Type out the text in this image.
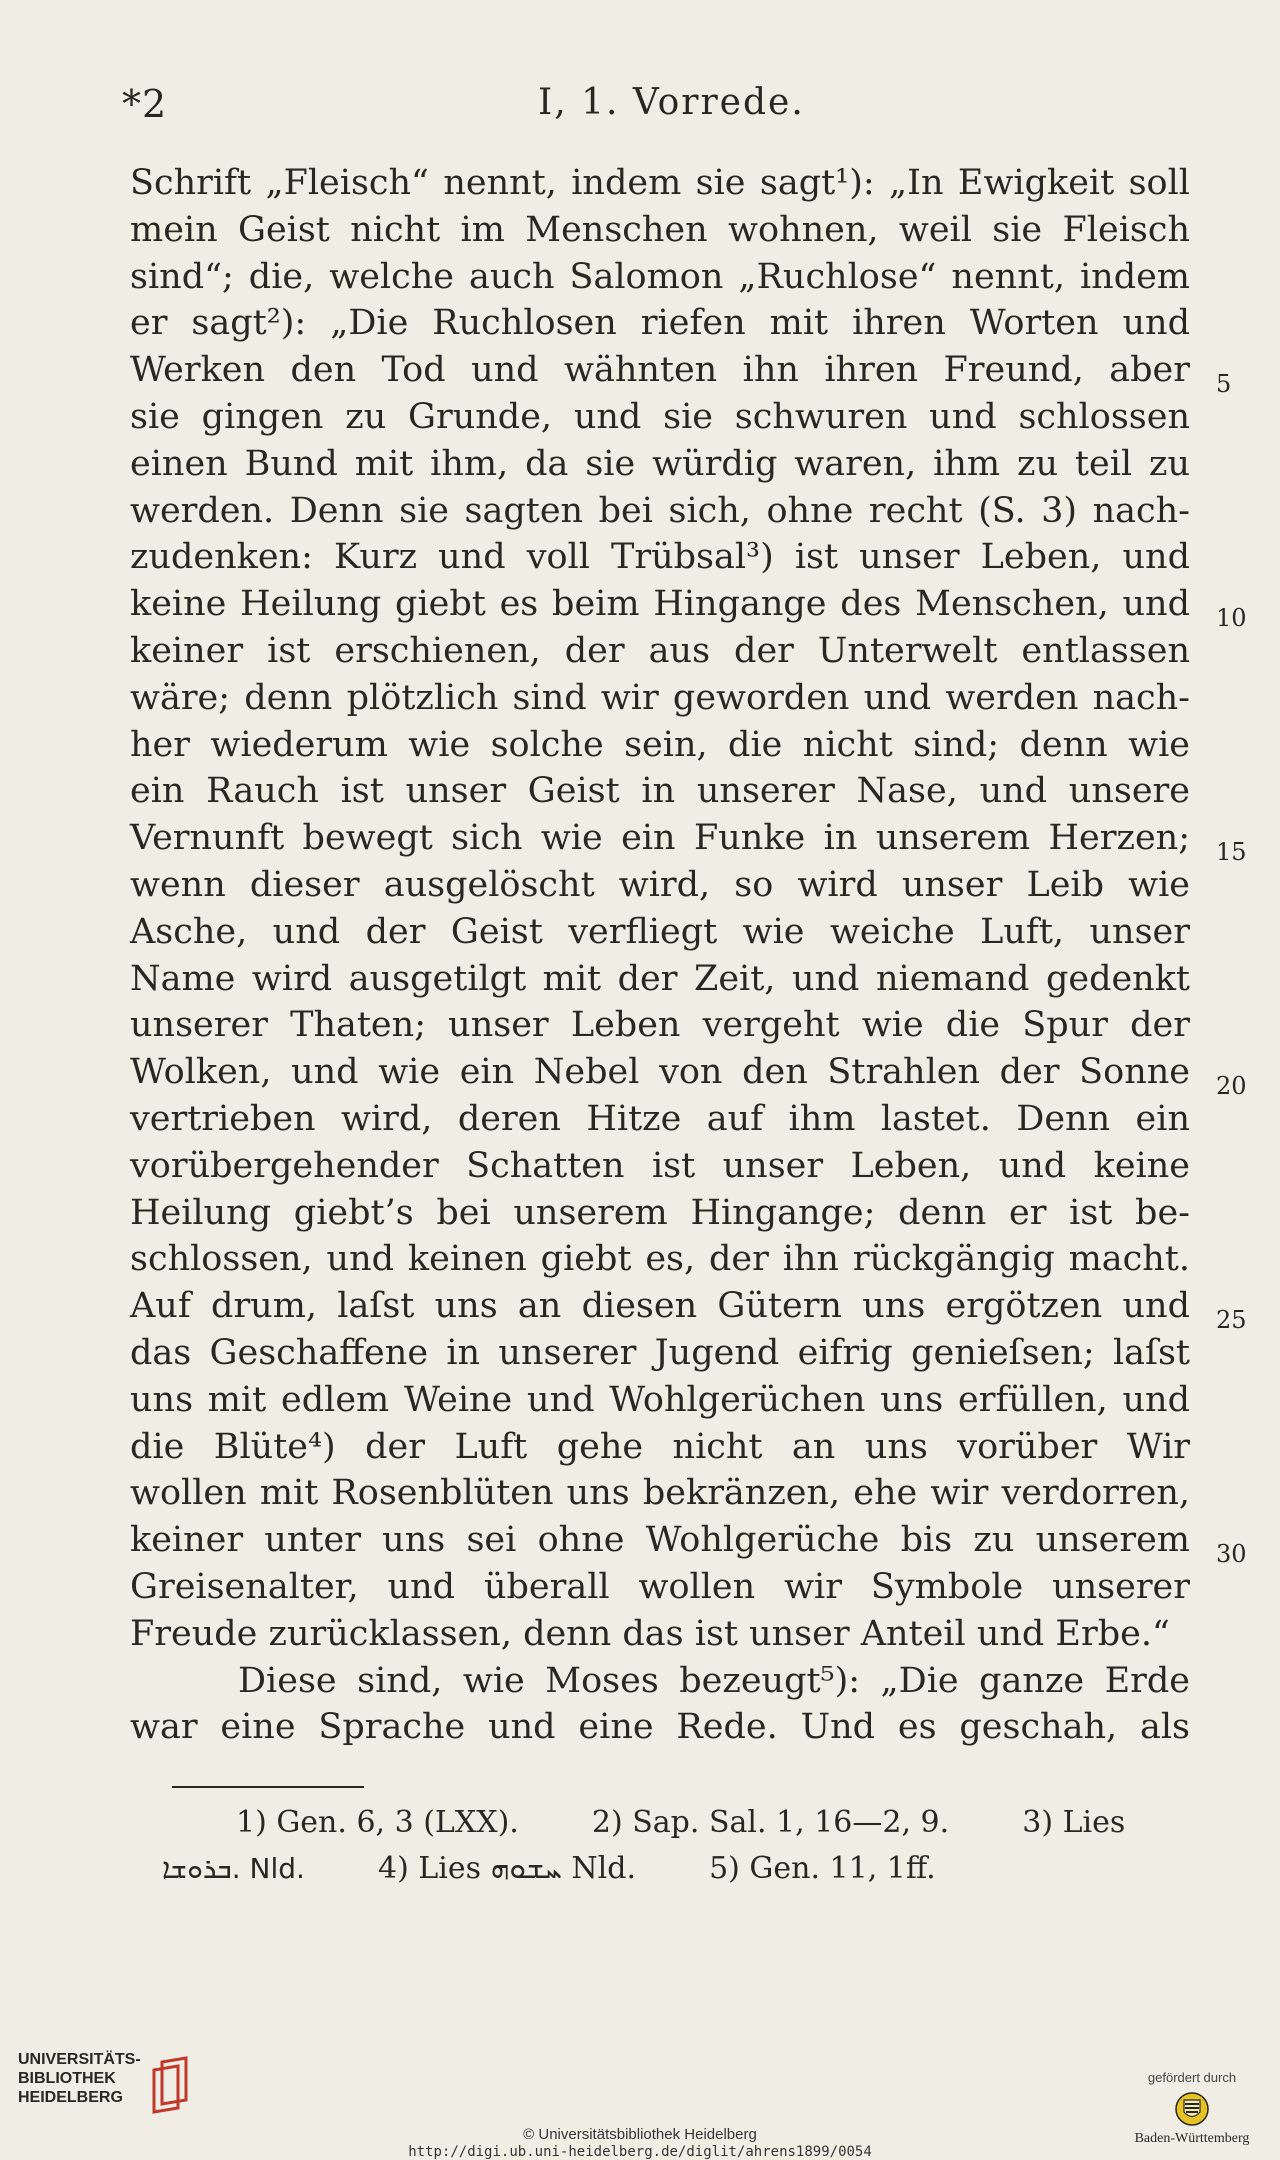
*2	I, 1. Vorrede.
Schrift „Fleisch“ nennt, indem sie sagt¹): „In Ewigkeit soll
mein Geist nicht im Menschen wohnen, weil sie Fleisch
sind“; die, welche auch Salomon „Ruchlose“ nennt, indem
er sagt²): „Die Ruchlosen riefen mit ihren Worten und
Werken den Tod und wähnten ihn ihren Freund, aber
sie gingen zu Grunde, und sie schwuren und schlossen
einen Bund mit ihm, da sie würdig waren, ihm zu teil zu
werden. Denn sie sagten bei sich, ohne recht (S. 3) nach-
zudenken: Kurz und voll Trübsal³) ist unser Leben, und
keine Heilung giebt es beim Hingange des Menschen, und
keiner ist erschienen, der aus der Unterwelt entlassen
wäre; denn plötzlich sind wir geworden und werden nach-
her wiederum wie solche sein, die nicht sind; denn wie
ein Rauch ist unser Geist in unserer Nase, und unsere
Vernunft bewegt sich wie ein Funke in unserem Herzen;
wenn dieser ausgelöscht wird, so wird unser Leib wie
Asche, und der Geist verfliegt wie weiche Luft, unser
Name wird ausgetilgt mit der Zeit, und niemand gedenkt
unserer Thaten; unser Leben vergeht wie die Spur der
Wolken, und wie ein Nebel von den Strahlen der Sonne
vertrieben wird, deren Hitze auf ihm lastet. Denn ein
vorübergehender Schatten ist unser Leben, und keine
Heilung giebt’s bei unserem Hingange; denn er ist be-
schlossen, und keinen giebt es, der ihn rückgängig macht.
Auf drum, laſst uns an diesen Gütern uns ergötzen und
das Geschaffene in unserer Jugend eifrig genieſsen; laſst
uns mit edlem Weine und Wohlgerüchen uns erfüllen, und
die Blüte⁴) der Luft gehe nicht an uns vorüber Wir
wollen mit Rosenblüten uns bekränzen, ehe wir verdorren,
keiner unter uns sei ohne Wohlgerüche bis zu unserem
Greisenalter, und überall wollen wir Symbole unserer
Freude zurücklassen, denn das ist unser Anteil und Erbe.“
Diese sind, wie Moses bezeugt⁵): „Die ganze Erde
war eine Sprache und eine Rede. Und es geschah, als
5
10
15
20
25
30
1) Gen. 6, 3 (LXX). 2) Sap. Sal. 1, 16—2, 9. 3) Lies
ܒܪܘܫܐ. Nld. 4) Lies ܚܫܘܗ Nld. 5) Gen. 11, 1ff.
UNIVERSITÄTS-
BIBLIOTHEK
HEIDELBERG
© Universitätsbibliothek Heidelberg
http://digi.ub.uni-heidelberg.de/diglit/ahrens1899/0054
gefördert durch
Baden-Württemberg
